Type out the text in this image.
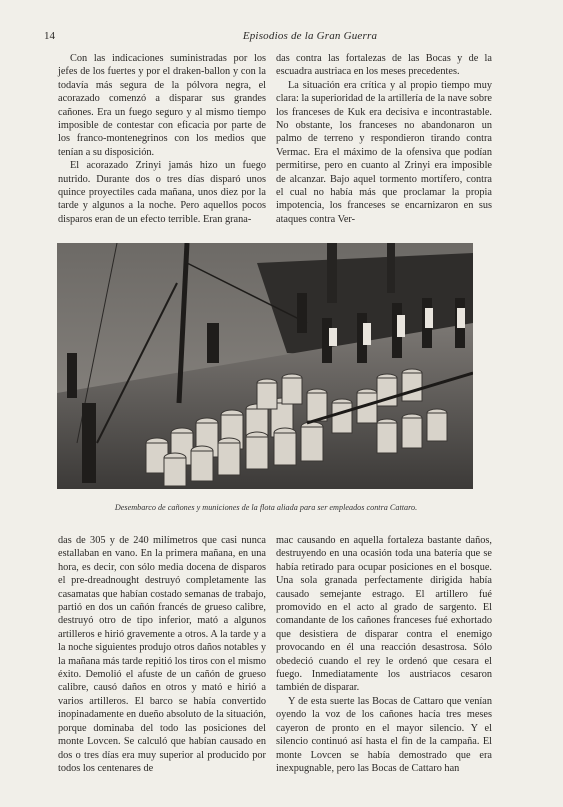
14	Episodios de la Gran Guerra

Con las indicaciones suministradas por los jefes de los fuertes y por el draken-ballon y con la todavía más segura de la pólvora negra, el acorazado comenzó a disparar sus grandes cañones. Era un fuego seguro y al mismo tiempo imposible de contestar con eficacia por parte de los franco-montenegrinos con los medios que tenían a su disposición.

El acorazado Zrinyi jamás hizo un fuego nutrido. Durante dos o tres días disparó unos quince proyectiles cada mañana, unos diez por la tarde y algunos a la noche. Pero aquellos pocos disparos eran de un efecto terrible. Eran grana-

das contra las fortalezas de las Bocas y de la escuadra austriaca en los meses precedentes.

La situación era crítica y al propio tiempo muy clara: la superioridad de la artillería de la nave sobre los franceses de Kuk era decisiva e incontrastable. No obstante, los franceses no abandonaron un palmo de terreno y respondieron tirando contra Vermac. Era el máximo de la ofensiva que podían permitirse, pero en cuanto al Zrinyi era imposible de alcanzar. Bajo aquel tormento mortífero, contra el cual no había más que proclamar la propia impotencia, los franceses se encarnizaron en sus ataques contra Ver-

Desembarco de cañones y municiones de la flota aliada para ser empleados contra Cattaro.

das de 305 y de 240 milímetros que casi nunca estallaban en vano. En la primera mañana, en una hora, es decir, con sólo media docena de disparos el pre-dreadnought destruyó completamente las casamatas que habían costado semanas de trabajo, partió en dos un cañón francés de grueso calibre, destruyó otro de tipo inferior, mató a algunos artilleros e hirió gravemente a otros. A la tarde y a la noche siguientes produjo otros daños notables y la mañana más tarde repitió los tiros con el mismo éxito. Demolió el afuste de un cañón de grueso calibre, causó daños en otros y mató e hirió a varios artilleros. El barco se había convertido inopinadamente en dueño absoluto de la situación, porque dominaba del todo las posiciones del monte Lovcen. Se calculó que habían causado en dos o tres días era muy superior al producido por todos los centenares de

mac causando en aquella fortaleza bastante daños, destruyendo en una ocasión toda una batería que se había retirado para ocupar posiciones en el bosque. Una sola granada perfectamente dirigida había causado semejante estrago. El artillero fué promovido en el acto al grado de sargento. El comandante de los cañones franceses fué exhortado que desistiera de disparar contra el enemigo provocando en él una reacción desastrosa. Sólo obedeció cuando el rey le ordenó que cesara el fuego. Inmediatamente los austriacos cesaron también de disparar.

Y de esta suerte las Bocas de Cattaro que venían oyendo la voz de los cañones hacía tres meses cayeron de pronto en el mayor silencio. Y el silencio continuó así hasta el fin de la campaña. El monte Lovcen se había demostrado que era inexpugnable, pero las Bocas de Cattaro han
